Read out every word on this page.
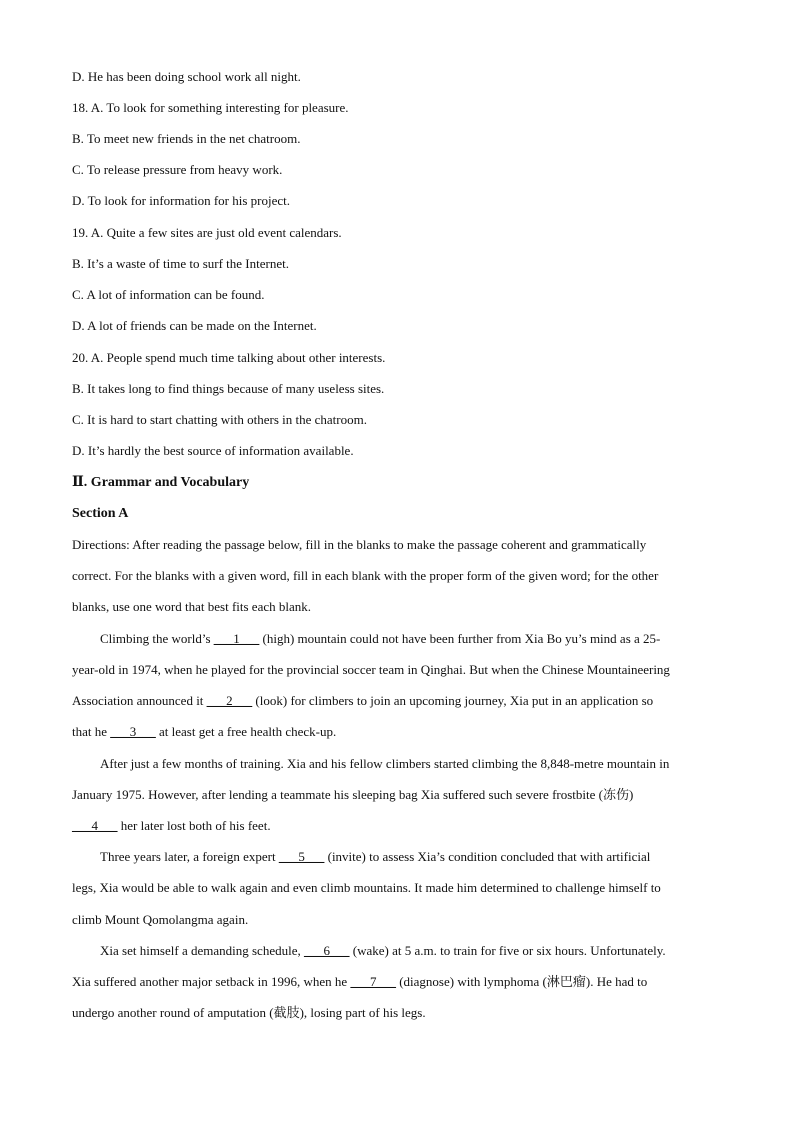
D. He has been doing school work all night.
18. A. To look for something interesting for pleasure.
B. To meet new friends in the net chatroom.
C. To release pressure from heavy work.
D. To look for information for his project.
19. A. Quite a few sites are just old event calendars.
B. It’s a waste of time to surf the Internet.
C. A lot of information can be found.
D. A lot of friends can be made on the Internet.
20. A. People spend much time talking about other interests.
B. It takes long to find things because of many useless sites.
C. It is hard to start chatting with others in the chatroom.
D. It’s hardly the best source of information available.
Ⅱ. Grammar and Vocabulary
Section A
Directions: After reading the passage below, fill in the blanks to make the passage coherent and grammatically
correct. For the blanks with a given word, fill in each blank with the proper form of the given word; for the other
blanks, use one word that best fits each blank.
Climbing the world’s ___1___ (high) mountain could not have been further from Xia Bo yu’s mind as a 25-
year-old in 1974, when he played for the provincial soccer team in Qinghai. But when the Chinese Mountaineering
Association announced it ___2___ (look) for climbers to join an upcoming journey, Xia put in an application so
that he ___3___ at least get a free health check-up.
After just a few months of training. Xia and his fellow climbers started climbing the 8,848-metre mountain in
January 1975. However, after lending a teammate his sleeping bag Xia suffered such severe frostbite (冻伤)
___4___ her later lost both of his feet.
Three years later, a foreign expert ___5___ (invite) to assess Xia’s condition concluded that with artificial
legs, Xia would be able to walk again and even climb mountains. It made him determined to challenge himself to
climb Mount Qomolangma again.
Xia set himself a demanding schedule, ___6___ (wake) at 5 a.m. to train for five or six hours. Unfortunately.
Xia suffered another major setback in 1996, when he ___7___ (diagnose) with lymphoma (淋巴瘤). He had to
undergo another round of amputation (截肢), losing part of his legs.
